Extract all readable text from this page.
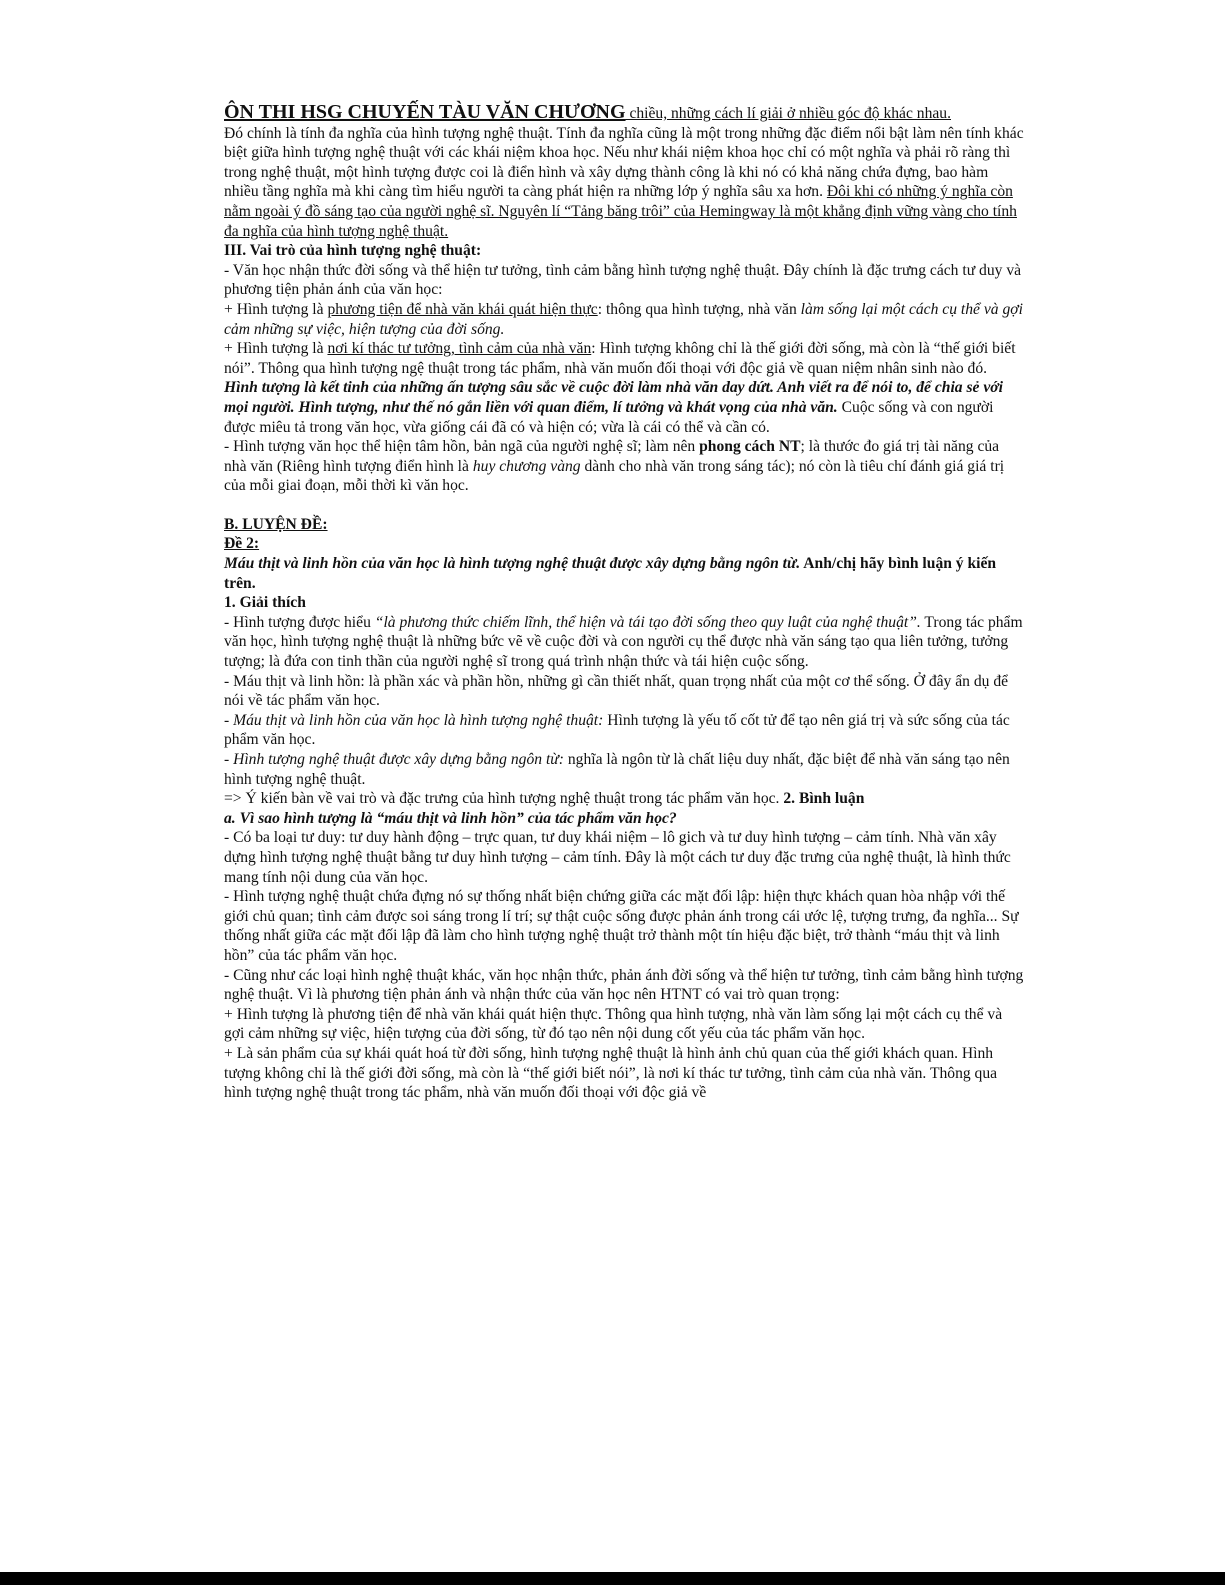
ÔN THI HSG CHUYẾN TÀU VĂN CHƯƠNG chiều, những cách lí giải ở nhiều góc độ khác nhau.

Đó chính là tính đa nghĩa của hình tượng nghệ thuật. Tính đa nghĩa cũng là một trong những đặc điểm nổi bật làm nên tính khác biệt giữa hình tượng nghệ thuật với các khái niệm khoa học. Nếu như khái niệm khoa học chỉ có một nghĩa và phải rõ ràng thì trong nghệ thuật, một hình tượng được coi là điển hình và xây dựng thành công là khi nó có khả năng chứa đựng, bao hàm nhiều tầng nghĩa mà khi càng tìm hiểu người ta càng phát hiện ra những lớp ý nghĩa sâu xa hơn. Đôi khi có những ý nghĩa còn nằm ngoài ý đồ sáng tạo của người nghệ sĩ. Nguyên lí “Tảng băng trôi” của Hemingway là một khẳng định vững vàng cho tính đa nghĩa của hình tượng nghệ thuật.

III. Vai trò của hình tượng nghệ thuật:

- Văn học nhận thức đời sống và thể hiện tư tưởng, tình cảm bằng hình tượng nghệ thuật. Đây chính là đặc trưng cách tư duy và phương tiện phản ánh của văn học:

+ Hình tượng là phương tiện để nhà văn khái quát hiện thực: thông qua hình tượng, nhà văn làm sống lại một cách cụ thể và gợi cảm những sự việc, hiện tượng của đời sống.

+ Hình tượng là nơi kí thác tư tưởng, tình cảm của nhà văn: Hình tượng không chỉ là thế giới đời sống, mà còn là “thế giới biết nói”. Thông qua hình tượng ngệ thuật trong tác phẩm, nhà văn muốn đối thoại với độc giả về quan niệm nhân sinh nào đó. Hình tượng là kết tinh của những ấn tượng sâu sắc về cuộc đời làm nhà văn day dứt. Anh viết ra để nói to, để chia sẻ với mọi người. Hình tượng, như thế nó gắn liền với quan điểm, lí tưởng và khát vọng của nhà văn. Cuộc sống và con người được miêu tả trong văn học, vừa giống cái đã có và hiện có; vừa là cái có thể và cần có.

- Hình tượng văn học thể hiện tâm hồn, bản ngã của người nghệ sĩ; làm nên phong cách NT; là thước đo giá trị tài năng của nhà văn (Riêng hình tượng điển hình là huy chương vàng dành cho nhà văn trong sáng tác); nó còn là tiêu chí đánh giá giá trị của mỗi giai đoạn, mỗi thời kì văn học.

B. LUYỆN ĐỀ:

Đề 2:

Máu thịt và linh hồn của văn học là hình tượng nghệ thuật được xây dựng bằng ngôn từ. Anh/chị hãy bình luận ý kiến trên.

1. Giải thích

- Hình tượng được hiểu “là phương thức chiếm lĩnh, thể hiện và tái tạo đời sống theo quy luật của nghệ thuật”. Trong tác phẩm văn học, hình tượng nghệ thuật là những bức vẽ về cuộc đời và con người cụ thể được nhà văn sáng tạo qua liên tưởng, tưởng tượng; là đứa con tinh thần của người nghệ sĩ trong quá trình nhận thức và tái hiện cuộc sống.

- Máu thịt và linh hồn: là phần xác và phần hồn, những gì cần thiết nhất, quan trọng nhất của một cơ thể sống. Ở đây ẩn dụ để nói về tác phẩm văn học.

- Máu thịt và linh hồn của văn học là hình tượng nghệ thuật: Hình tượng là yếu tố cốt tử để tạo nên giá trị và sức sống của tác phẩm văn học.

- Hình tượng nghệ thuật được xây dựng bằng ngôn từ: nghĩa là ngôn từ là chất liệu duy nhất, đặc biệt để nhà văn sáng tạo nên hình tượng nghệ thuật.

=> Ý kiến bàn về vai trò và đặc trưng của hình tượng nghệ thuật trong tác phẩm văn học. 2. Bình luận

a. Vì sao hình tượng là “máu thịt và linh hồn” của tác phẩm văn học?

- Có ba loại tư duy: tư duy hành động – trực quan, tư duy khái niệm – lô gich và tư duy hình tượng – cảm tính. Nhà văn xây dựng hình tượng nghệ thuật bằng tư duy hình tượng – cảm tính. Đây là một cách tư duy đặc trưng của nghệ thuật, là hình thức mang tính nội dung của văn học.

- Hình tượng nghệ thuật chứa đựng nó sự thống nhất biện chứng giữa các mặt đối lập: hiện thực khách quan hòa nhập với thế giới chủ quan; tình cảm được soi sáng trong lí trí; sự thật cuộc sống được phản ánh trong cái ước lệ, tượng trưng, đa nghĩa... Sự thống nhất giữa các mặt đối lập đã làm cho hình tượng nghệ thuật trở thành một tín hiệu đặc biệt, trở thành “máu thịt và linh hồn” của tác phẩm văn học.

- Cũng như các loại hình nghệ thuật khác, văn học nhận thức, phản ánh đời sống và thể hiện tư tưởng, tình cảm bằng hình tượng nghệ thuật. Vì là phương tiện phản ánh và nhận thức của văn học nên HTNT có vai trò quan trọng:

+ Hình tượng là phương tiện để nhà văn khái quát hiện thực. Thông qua hình tượng, nhà văn làm sống lại một cách cụ thể và gợi cảm những sự việc, hiện tượng của đời sống, từ đó tạo nên nội dung cốt yếu của tác phẩm văn học.

+ Là sản phẩm của sự khái quát hoá từ đời sống, hình tượng nghệ thuật là hình ảnh chủ quan của thế giới khách quan. Hình tượng không chỉ là thế giới đời sống, mà còn là “thế giới biết nói”, là nơi kí thác tư tưởng, tình cảm của nhà văn. Thông qua hình tượng nghệ thuật trong tác phẩm, nhà văn muốn đối thoại với độc giả về
